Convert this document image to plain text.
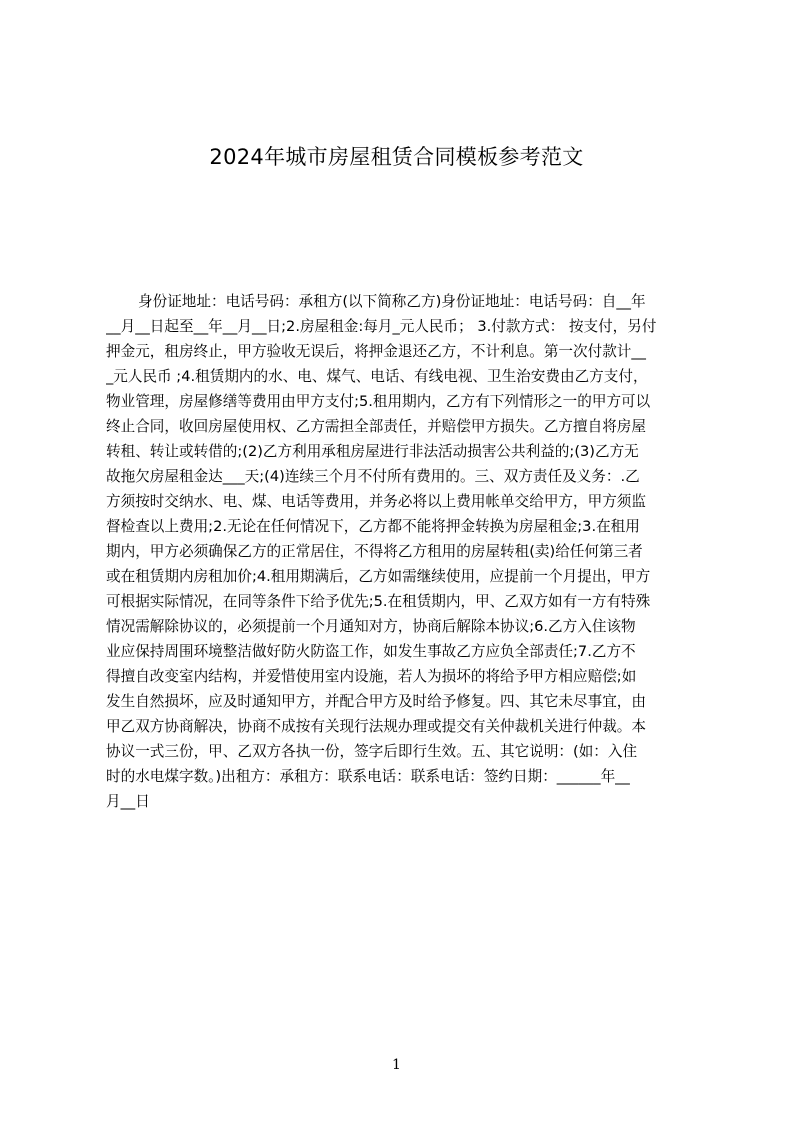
2024年城市房屋租赁合同模板参考范文
身份证地址：电话号码：承租方(以下简称乙方)身份证地址：电话号码：自__年
__月__日起至__年__月__日;2.房屋租金:每月_元人民币； 3.付款方式： 按支付，另付
押金元，租房终止，甲方验收无误后，将押金退还乙方，不计利息。第一次付款计__
_元人民币 ;4.租赁期内的水、电、煤气、电话、有线电视、卫生治安费由乙方支付，
物业管理，房屋修缮等费用由甲方支付;5.租用期内，乙方有下列情形之一的甲方可以
终止合同，收回房屋使用权、乙方需担全部责任，并赔偿甲方损失。乙方擅自将房屋
转租、转让或转借的;(2)乙方利用承租房屋进行非法活动损害公共利益的;(3)乙方无
故拖欠房屋租金达___天;(4)连续三个月不付所有费用的。三、双方责任及义务：.乙
方须按时交纳水、电、煤、电话等费用，并务必将以上费用帐单交给甲方，甲方须监
督检查以上费用;2.无论在任何情况下，乙方都不能将押金转换为房屋租金;3.在租用
期内，甲方必须确保乙方的正常居住，不得将乙方租用的房屋转租(卖)给任何第三者
或在租赁期内房租加价;4.租用期满后，乙方如需继续使用，应提前一个月提出，甲方
可根据实际情况，在同等条件下给予优先;5.在租赁期内，甲、乙双方如有一方有特殊
情况需解除协议的，必须提前一个月通知对方，协商后解除本协议;6.乙方入住该物
业应保持周围环境整洁做好防火防盗工作，如发生事故乙方应负全部责任;7.乙方不
得擅自改变室内结构，并爱惜使用室内设施，若人为损坏的将给予甲方相应赔偿;如
发生自然损坏，应及时通知甲方，并配合甲方及时给予修复。四、其它未尽事宜，由
甲乙双方协商解决，协商不成按有关现行法规办理或提交有关仲裁机关进行仲裁。本
协议一式三份，甲、乙双方各执一份，签字后即行生效。五、其它说明：(如：入住
时的水电煤字数。)出租方：承租方：联系电话：联系电话：签约日期：______年__
月__日
1
